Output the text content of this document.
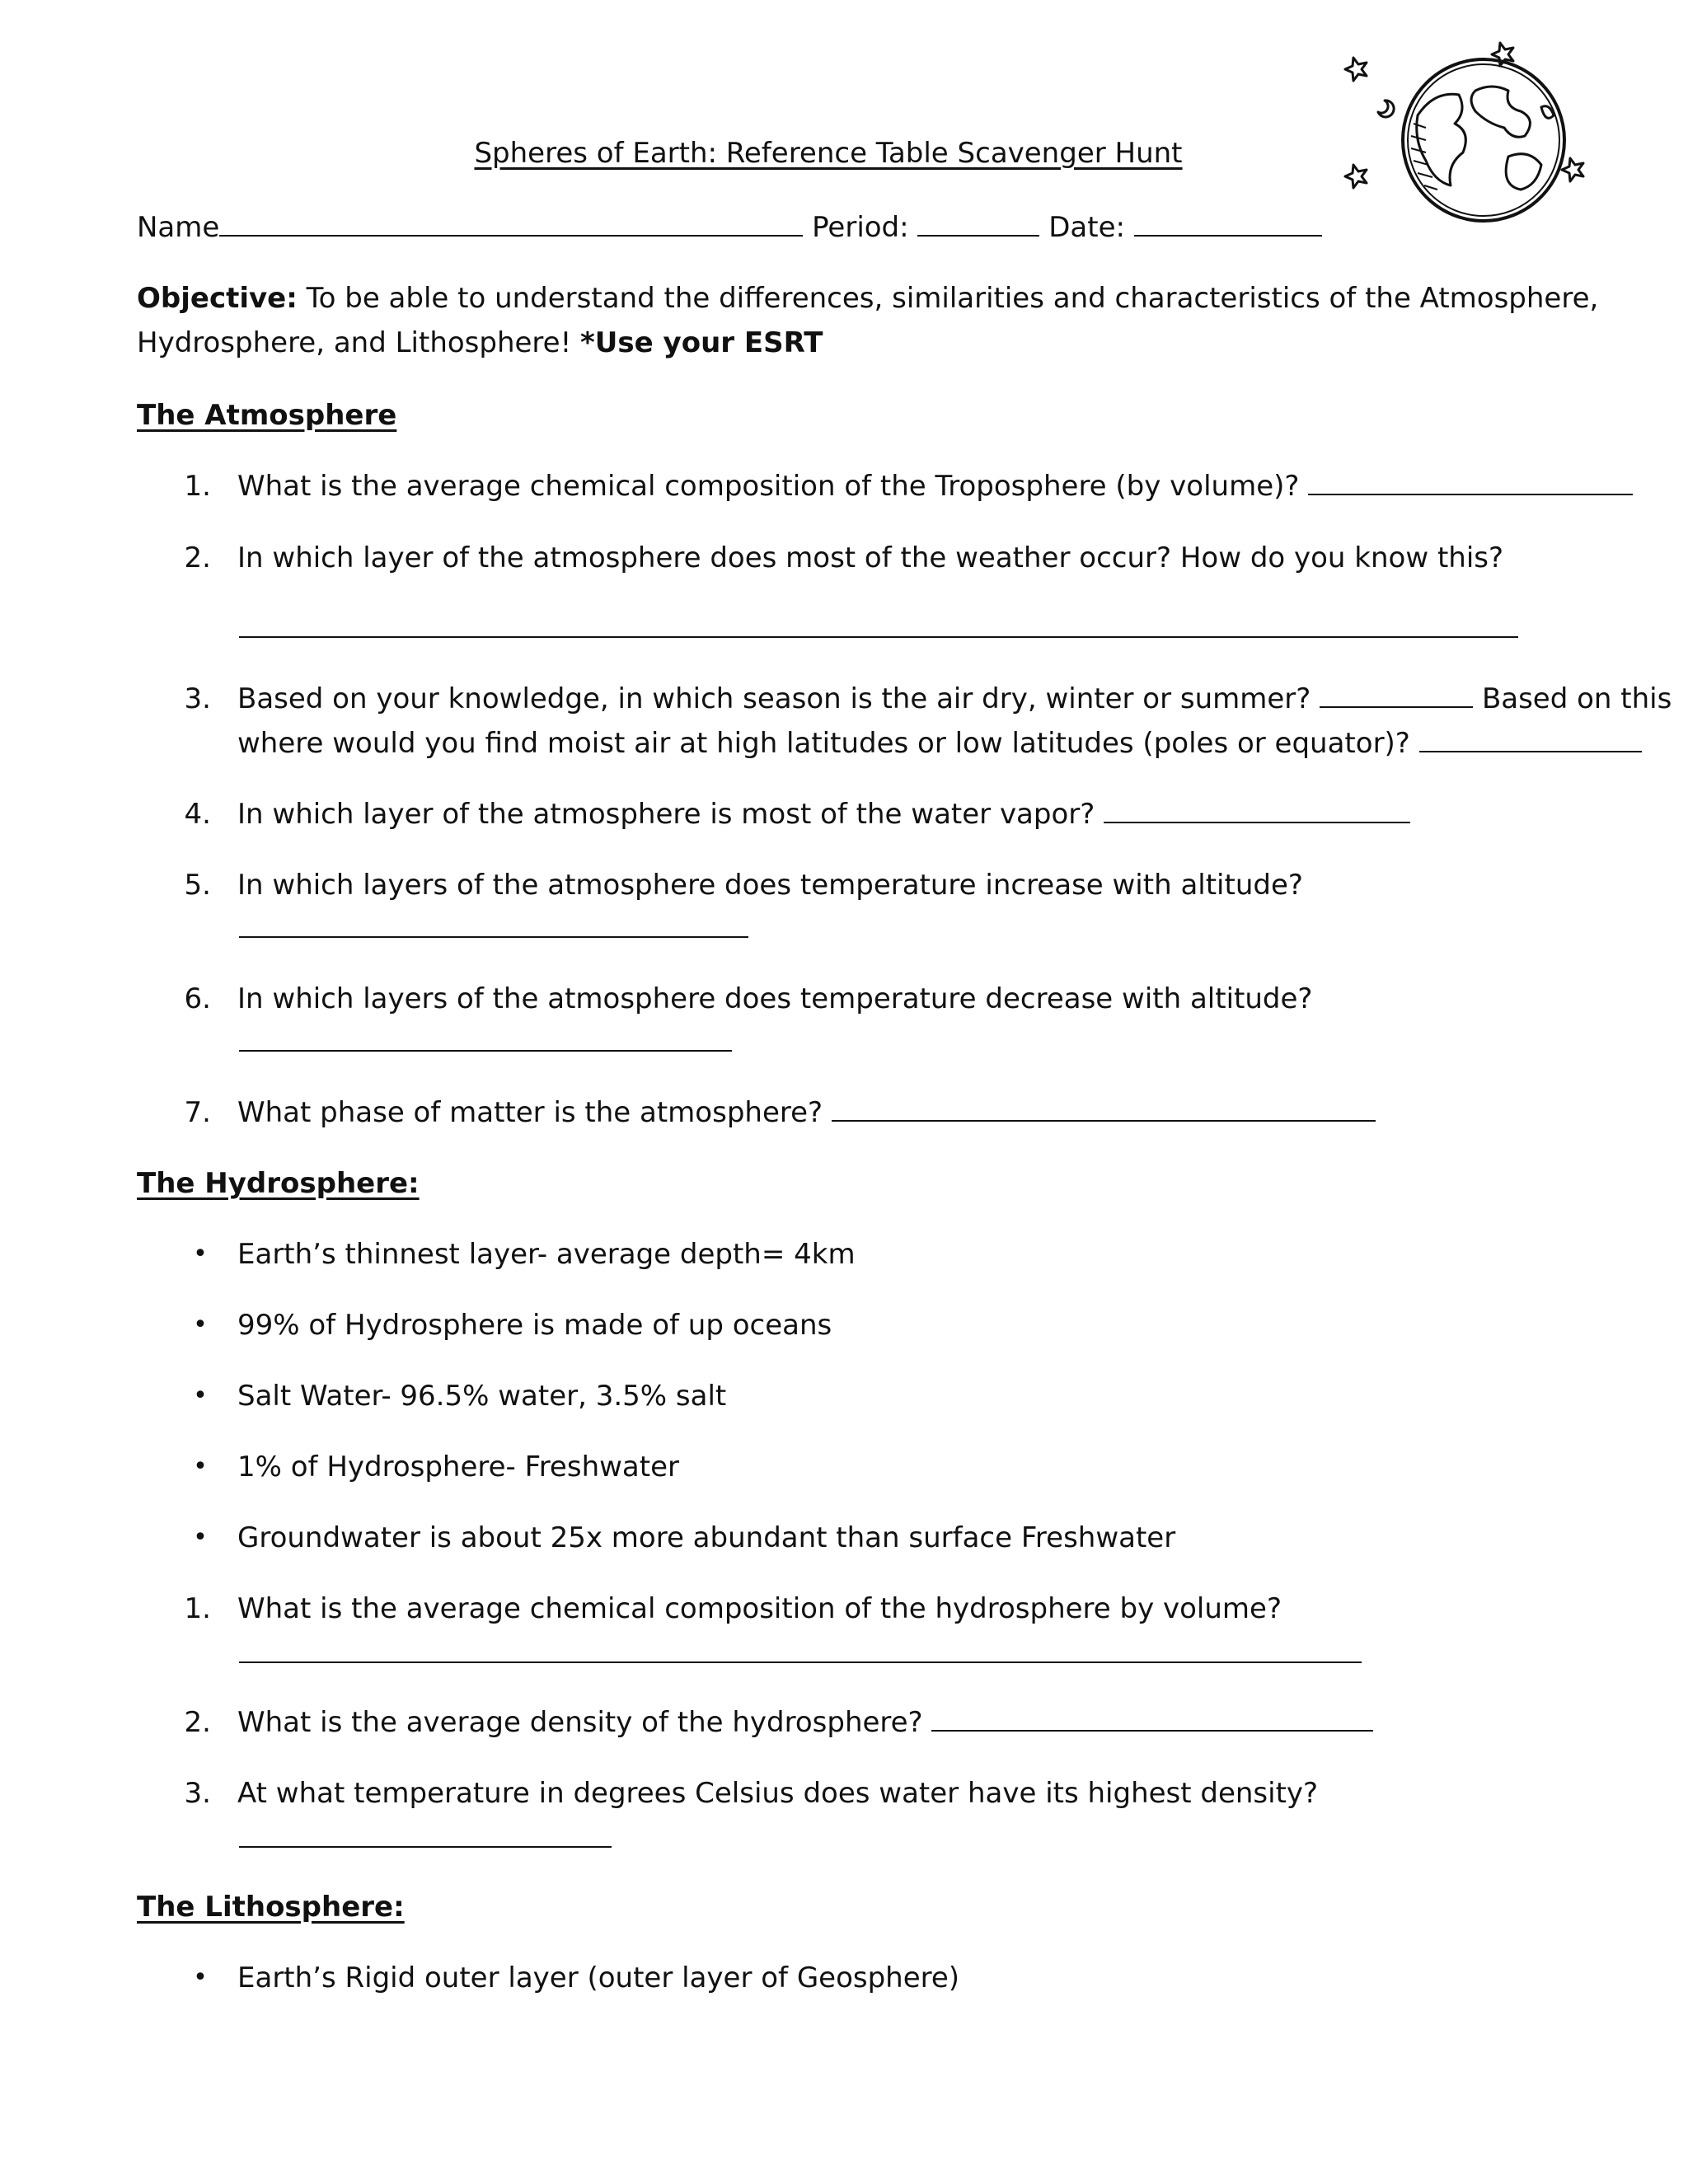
Spheres of Earth: Reference Table Scavenger Hunt
Name	Period:	Date:
Objective: To be able to understand the differences, similarities and characteristics of the Atmosphere,
Hydrosphere, and Lithosphere! *Use your ESRT
The Atmosphere
1. What is the average chemical composition of the Troposphere (by volume)?
2. In which layer of the atmosphere does most of the weather occur? How do you know this?
3. Based on your knowledge, in which season is the air dry, winter or summer?	Based on this
where would you find moist air at high latitudes or low latitudes (poles or equator)?
4. In which layer of the atmosphere is most of the water vapor?
5. In which layers of the atmosphere does temperature increase with altitude?
6. In which layers of the atmosphere does temperature decrease with altitude?
7. What phase of matter is the atmosphere?
The Hydrosphere:
• Earth’s thinnest layer- average depth= 4km
• 99% of Hydrosphere is made of up oceans
• Salt Water- 96.5% water, 3.5% salt
• 1% of Hydrosphere- Freshwater
• Groundwater is about 25x more abundant than surface Freshwater
1. What is the average chemical composition of the hydrosphere by volume?
2. What is the average density of the hydrosphere?
3. At what temperature in degrees Celsius does water have its highest density?
The Lithosphere:
• Earth’s Rigid outer layer (outer layer of Geosphere)
